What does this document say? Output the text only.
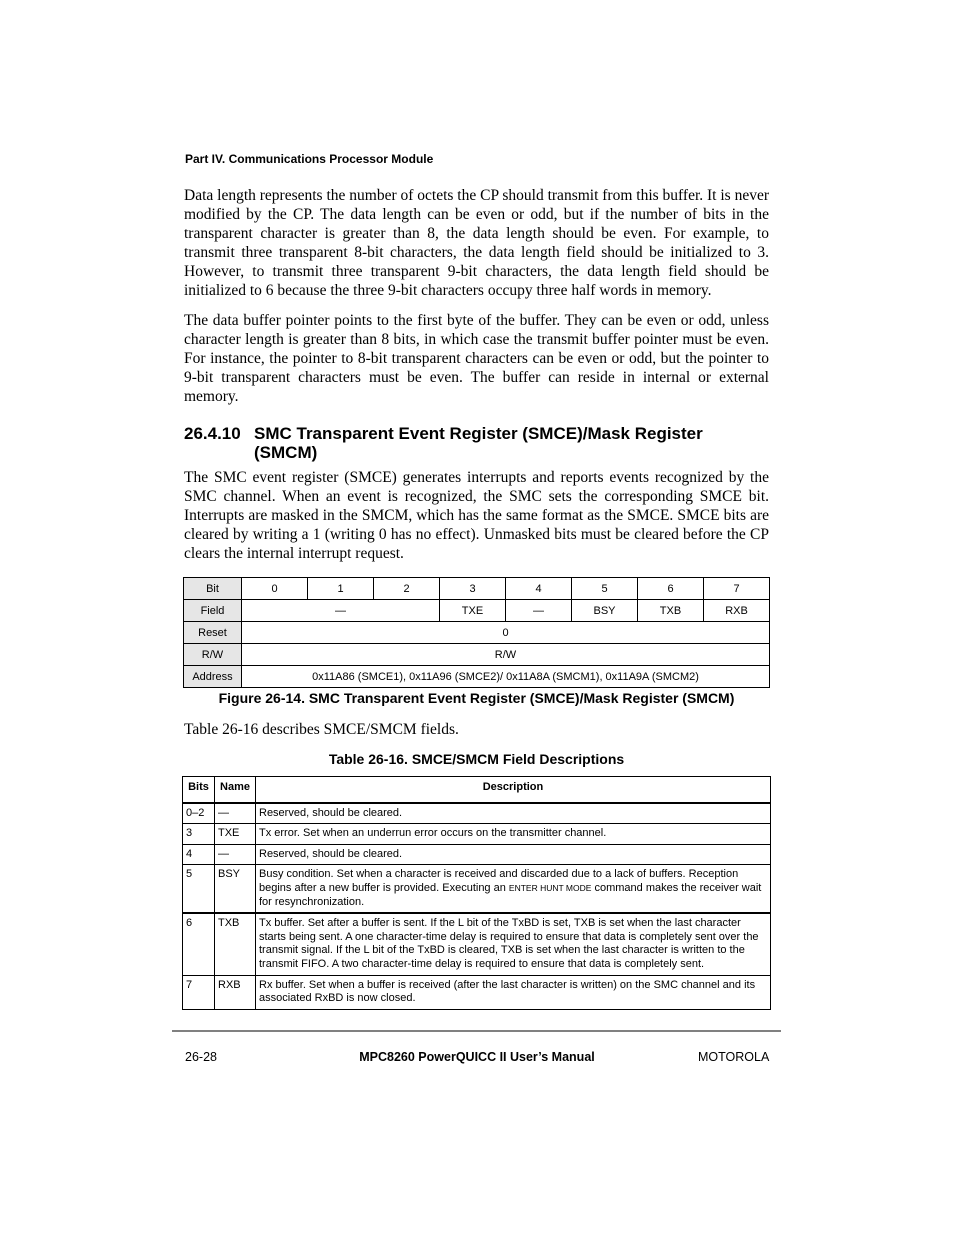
Part IV. Communications Processor Module

Data length represents the number of octets the CP should transmit from this buffer. It is never modified by the CP. The data length can be even or odd, but if the number of bits in the transparent character is greater than 8, the data length should be even. For example, to transmit three transparent 8-bit characters, the data length field should be initialized to 3. However, to transmit three transparent 9-bit characters, the data length field should be initialized to 6 because the three 9-bit characters occupy three half words in memory.

The data buffer pointer points to the first byte of the buffer. They can be even or odd, unless character length is greater than 8 bits, in which case the transmit buffer pointer must be even. For instance, the pointer to 8-bit transparent characters can be even or odd, but the pointer to 9-bit transparent characters must be even. The buffer can reside in internal or external memory.

26.4.10 SMC Transparent Event Register (SMCE)/Mask Register (SMCM)

The SMC event register (SMCE) generates interrupts and reports events recognized by the SMC channel. When an event is recognized, the SMC sets the corresponding SMCE bit. Interrupts are masked in the SMCM, which has the same format as the SMCE. SMCE bits are cleared by writing a 1 (writing 0 has no effect). Unmasked bits must be cleared before the CP clears the internal interrupt request.

Bit	0	1	2	3	4	5	6	7
Field	—			TXE	—	BSY	TXB	RXB
Reset	0							
R/W	R/W							
Address	0x11A86 (SMCE1), 0x11A96 (SMCE2)/ 0x11A8A (SMCM1), 0x11A9A (SMCM2)							
Figure 26-14. SMC Transparent Event Register (SMCE)/Mask Register (SMCM)

Table 26-16 describes SMCE/SMCM fields.

Table 26-16. SMCE/SMCM Field Descriptions
Bits	Name	Description
0–2	—	Reserved, should be cleared.
3	TXE	Tx error. Set when an underrun error occurs on the transmitter channel.
4	—	Reserved, should be cleared.
5	BSY	Busy condition. Set when a character is received and discarded due to a lack of buffers. Reception begins after a new buffer is provided. Executing an ENTER HUNT MODE command makes the receiver wait for resynchronization.
6	TXB	Tx buffer. Set after a buffer is sent. If the L bit of the TxBD is set, TXB is set when the last character starts being sent. A one character-time delay is required to ensure that data is completely sent over the transmit signal. If the L bit of the TxBD is cleared, TXB is set when the last character is written to the transmit FIFO. A two character-time delay is required to ensure that data is completely sent.
7	RXB	Rx buffer. Set when a buffer is received (after the last character is written) on the SMC channel and its associated RxBD is now closed.
26-28	MPC8260 PowerQUICC II User’s Manual	MOTOROLA
